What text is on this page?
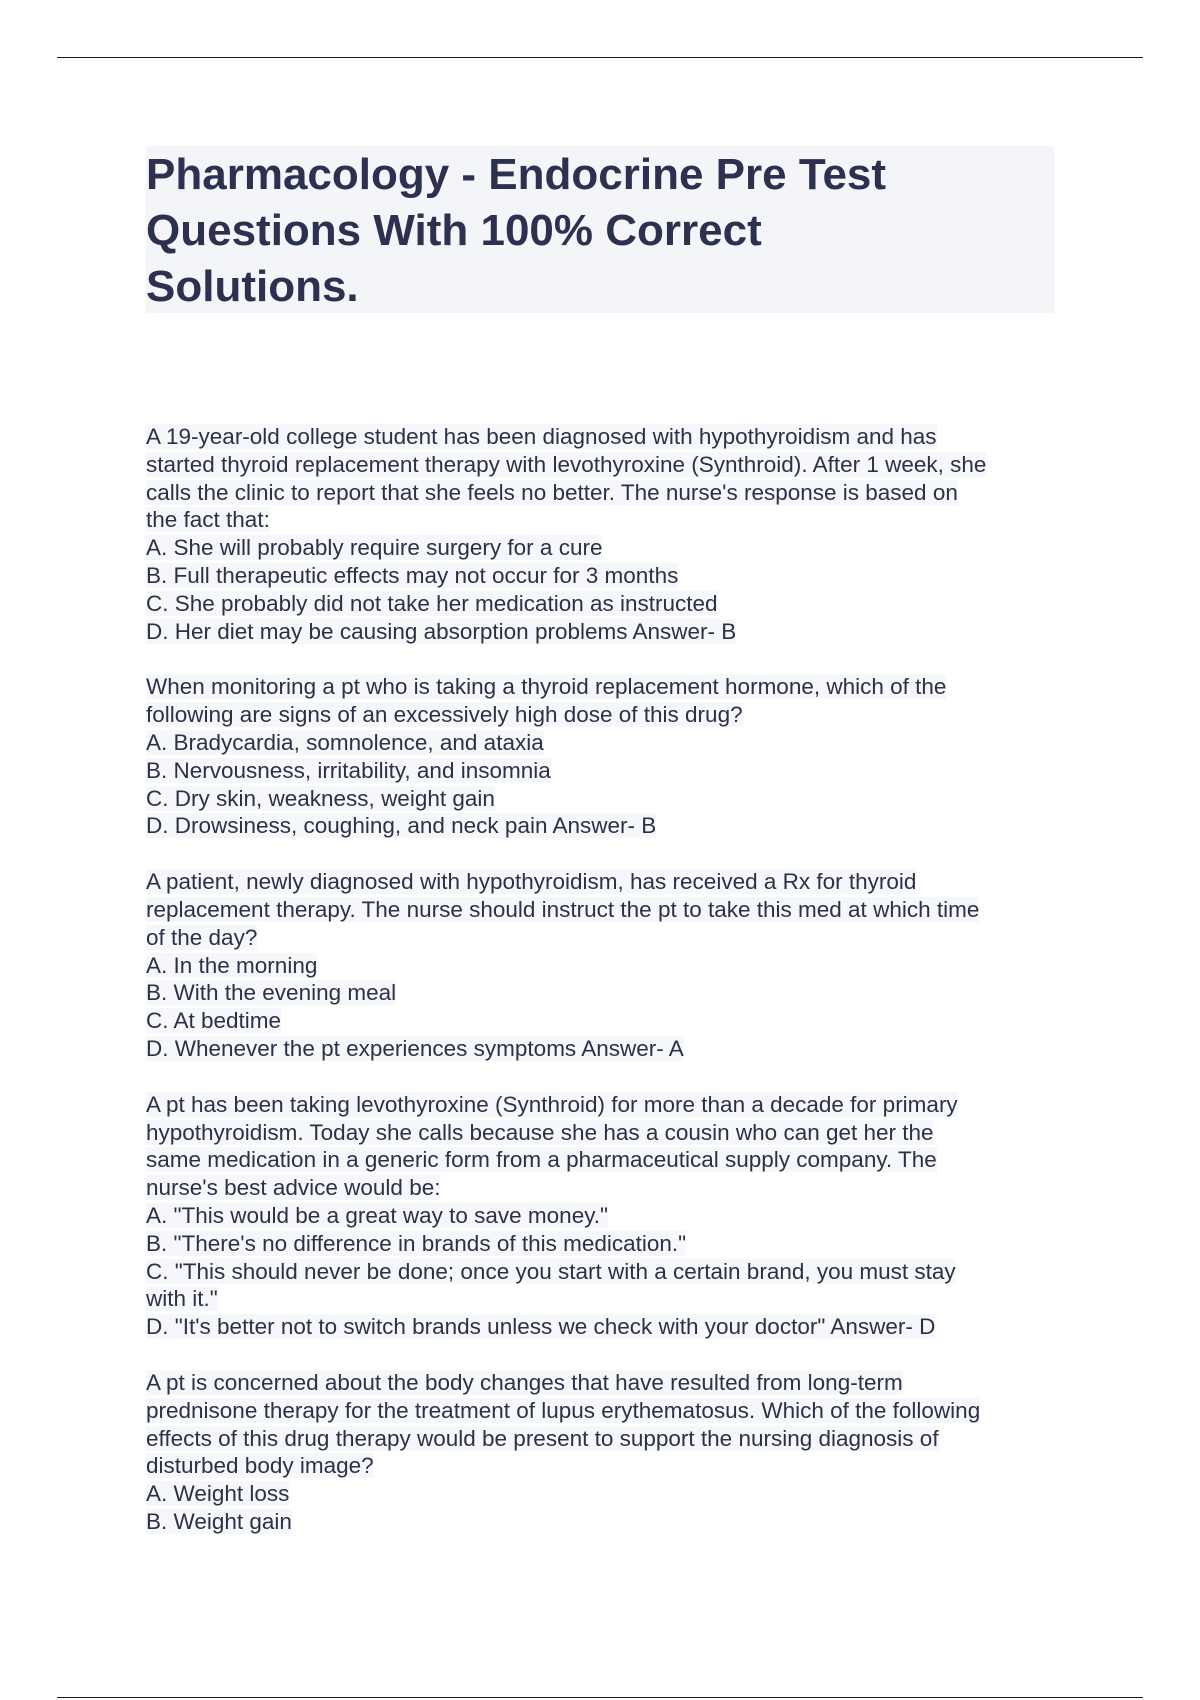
Pharmacology - Endocrine Pre Test
Questions With 100% Correct
Solutions.
A 19-year-old college student has been diagnosed with hypothyroidism and has
started thyroid replacement therapy with levothyroxine (Synthroid). After 1 week, she
calls the clinic to report that she feels no better. The nurse's response is based on
the fact that:
A. She will probably require surgery for a cure
B. Full therapeutic effects may not occur for 3 months
C. She probably did not take her medication as instructed
D. Her diet may be causing absorption problems Answer- B
When monitoring a pt who is taking a thyroid replacement hormone, which of the
following are signs of an excessively high dose of this drug?
A. Bradycardia, somnolence, and ataxia
B. Nervousness, irritability, and insomnia
C. Dry skin, weakness, weight gain
D. Drowsiness, coughing, and neck pain Answer- B
A patient, newly diagnosed with hypothyroidism, has received a Rx for thyroid
replacement therapy. The nurse should instruct the pt to take this med at which time
of the day?
A. In the morning
B. With the evening meal
C. At bedtime
D. Whenever the pt experiences symptoms Answer- A
A pt has been taking levothyroxine (Synthroid) for more than a decade for primary
hypothyroidism. Today she calls because she has a cousin who can get her the
same medication in a generic form from a pharmaceutical supply company. The
nurse's best advice would be:
A. "This would be a great way to save money."
B. "There's no difference in brands of this medication."
C. "This should never be done; once you start with a certain brand, you must stay
with it."
D. "It's better not to switch brands unless we check with your doctor" Answer- D
A pt is concerned about the body changes that have resulted from long-term
prednisone therapy for the treatment of lupus erythematosus. Which of the following
effects of this drug therapy would be present to support the nursing diagnosis of
disturbed body image?
A. Weight loss
B. Weight gain
